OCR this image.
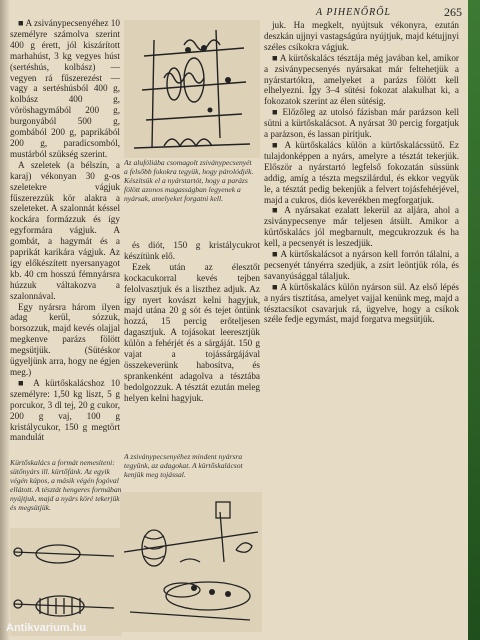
A PIHENŐRŐL	265
Az alufóliába csomagolt zsiványpecsenyét a felsőbb fokokra tegyük, hogy párolódjék. Készítsük el a nyárstartót, hogy a parázs fölött azonos magasságban legyenek a nyársak, amelyeket forgatni kell.

■ A zsiványpecsenyéhez 10 személyre számolva szerint 400 g érett, jól kiszárított marhahúst, 3 kg vegyes húst (sertéshús, kolbász) — vegyen rá fűszerezést — vagy a sertéshúsból 400 g, kolbász 400 g, vöröshagymából 200 g, burgonyából 500 g, gombából 200 g, paprikából 200 g, paradicsomból, mustárból szükség szerint.

A szeletek (a bélszín, a karaj) vékonyan 30 g-os szeletekre vágjuk fűszerezzük kör alakra a szeleteket. A szalonnát késsel kockára formázzuk és így egyformára vágjuk. A gombát, a hagymát és a paprikát karikára vágjuk. Az így előkészített nyersanyagot kb. 40 cm hosszú fémnyársra húzzuk váltakozva a szalonnával.

Egy nyársra három ilyen adag kerül, sózzuk, borsozzuk, majd kevés olajjal megkenve parázs fölött megsütjük. (Sütéskor ügyeljünk arra, hogy ne égjen meg.)

■ A kürtőskalácshoz 10 személyre: 1,50 kg liszt, 5 g porcukor, 3 dl tej, 20 g cukor, 200 g vaj, 100 g kristálycukor, 150 g megtört mandulát

és diót, 150 g kristálycukrot készítünk elő.

Ezek után az élesztőt kockacukorral kevés tejben felolvasztjuk és a liszthez adjuk. Az így nyert kovászt kelni hagyjuk, majd utána 20 g sót és tejet öntünk hozzá, 15 percig erőteljesen dagasztjuk. A tojásokat leeresztjük külön a fehérjét és a sárgáját. 150 g vajat a tojássárgájával összekeverünk habosítva, és sprankenként adagolva a tésztába bedolgozzuk. A tésztát ezután meleg helyen kelni hagyjuk.

A zsiványpecsenyéhez mindent nyársra tegyünk, az adagokat. A kürtőskalácsot kenjük meg tojással.
Kürtőskalács a formát nemesíteni: sütőnyárs ill. kürtőfánk. Az egyik végén kúpos, a másik végén fogóval ellátott. A tésztát hengeres formában nyújtjuk, majd a nyárs köré tekerjük és megsütjük.

juk. Ha megkelt, nyújtsuk vékonyra, ezután deszkán ujjnyi vastagságúra nyújtjuk, majd kétujjnyi széles csíkokra vágjuk.

■ A kürtőskalács tésztája még javában kel, amikor a zsiványpecsenyés nyársakat már feltehetjük a nyárstartókra, amelyeket a parázs fölött kell elhelyezni. Így 3–4 sütési fokozat alakulhat ki, a fokozatok szerint az élen sütésig.

■ Előzőleg az utolsó fázisban már parázson kell sütni a kürtőskalácsot. A nyársat 30 percig forgatjuk a parázson, és lassan pirítjuk.

■ A kürtőskalács külön a kürtőskalácssütő. Ez tulajdonképpen a nyárs, amelyre a tésztát tekerjük. Először a nyárstartó legfelső fokozatán süssünk addig, amíg a tészta megszilárdul, és ekkor vegyük le, a tésztát pedig bekenjük a felvert tojásfehérjével, majd a cukros, diós keverékben megforgatjuk.

■ A nyársakat ezalatt lekerül az aljára, ahol a zsiványpecsenye már teljesen átsült. Amikor a kürtőskalács jól megbarnult, megcukrozzuk és ha kell, a pecsenyét is leszedjük.

■ A kürtőskalácsot a nyárson kell forrón tálalni, a pecsenyét tányérra szedjük, a zsírt leöntjük róla, és savanyúsággal tálaljuk.

■ A kürtőskalács külön nyárson sül. Az első lépés a nyárs tisztítása, amelyet vajjal kenünk meg, majd a tésztacsíkot csavarjuk rá, ügyelve, hogy a csíkok széle fedje egymást, majd forgatva megsütjük.

Antikvarium.hu
